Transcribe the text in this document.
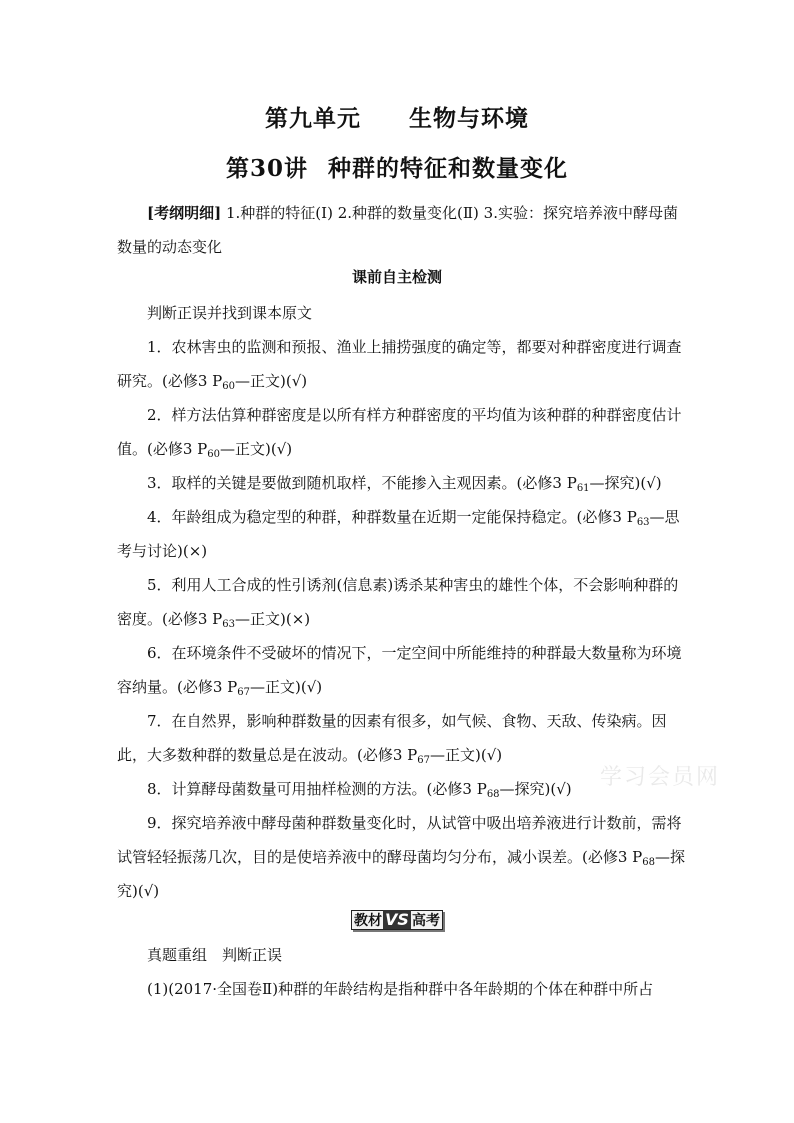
第九单元 生物与环境
第30讲 种群的特征和数量变化

[考纲明细] 1.种群的特征(Ⅰ) 2.种群的数量变化(Ⅱ) 3.实验：探究培养液中酵母菌数量的动态变化

课前自主检测

判断正误并找到课本原文

1．农林害虫的监测和预报、渔业上捕捞强度的确定等，都要对种群密度进行调查研究。(必修3 $P_{60}—$正文)(√)

2．样方法估算种群密度是以所有样方种群密度的平均值为该种群的种群密度估计值。(必修3 $P_{60}—$正文)(√)

3．取样的关键是要做到随机取样，不能掺入主观因素。(必修3 $P_{61}—$探究)(√)

4．年龄组成为稳定型的种群，种群数量在近期一定能保持稳定。(必修3 $P_{63}—$思考与讨论)(×)

5．利用人工合成的性引诱剂(信息素)诱杀某种害虫的雄性个体，不会影响种群的密度。(必修3 $P_{63}—$正文)(×)

6．在环境条件不受破坏的情况下，一定空间中所能维持的种群最大数量称为环境容纳量。(必修3 $P_{67}—$正文)(√)

7．在自然界，影响种群数量的因素有很多，如气候、食物、天敌、传染病。因此，大多数种群的数量总是在波动。(必修3 $P_{67}—$正文)(√)

8．计算酵母菌数量可用抽样检测的方法。(必修3 $P_{68}—$探究)(√)

9．探究培养液中酵母菌种群数量变化时，从试管中吸出培养液进行计数前，需将试管轻轻振荡几次，目的是使培养液中的酵母菌均匀分布，减小误差。(必修3 $P_{68}—$探究)(√)

教材 VS 高考

真题重组　判断正误

(1)(2017·全国卷Ⅱ)种群的年龄结构是指种群中各年龄期的个体在种群中所占

学习会员网
